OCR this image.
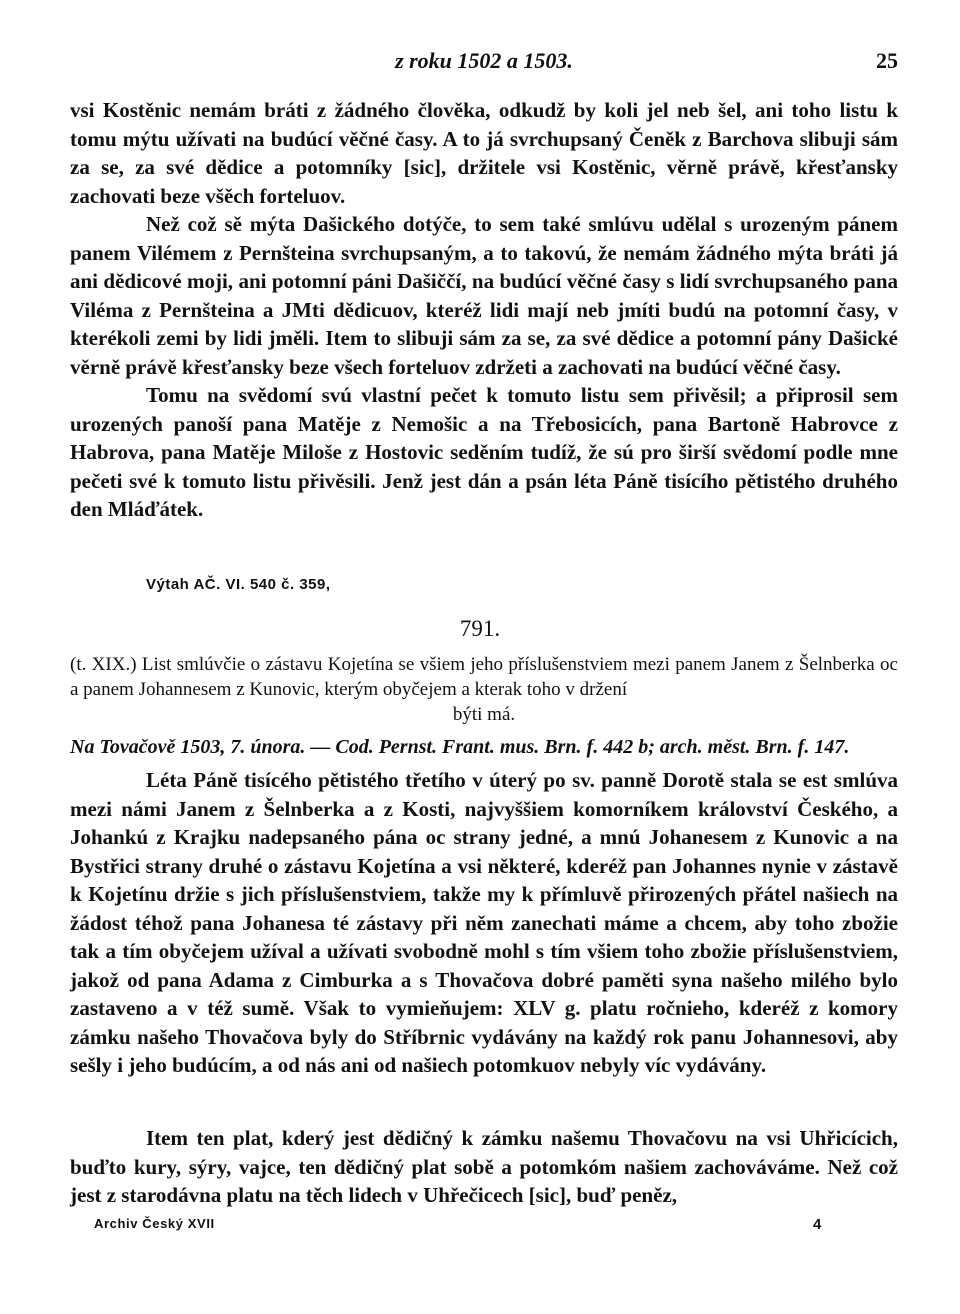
z roku 1502 a 1503.	25

vsi Kostěnic nemám bráti z žádného člověka, odkudž by koli jel neb šel, ani toho listu k tomu mýtu užívati na budúcí věčné časy. A to já svrchupsaný Čeněk z Barchova slibuji sám za se, za své dědice a potomníky [sic], držitele vsi Kostěnic, věrně právě, křesťansky zachovati beze všěch forteluov.

Než což sě mýta Dašického dotýče, to sem také smlúvu udělal s urozeným pánem panem Vilémem z Pernšteina svrchupsaným, a to takovú, že nemám žádného mýta bráti já ani dědicové moji, ani potomní páni Dašiččí, na budúcí věčné časy s lidí svrchupsaného pana Viléma z Pernšteina a JMti dědicuov, kteréž lidi mají neb jmíti budú na potomní časy, v kterékoli zemi by lidi jměli. Item to slibuji sám za se, za své dědice a potomní pány Dašické věrně právě křesťansky beze všech forteluov zdržeti a zachovati na budúcí věčné časy.

Tomu na svědomí svú vlastní pečet k tomuto listu sem přivěsil; a připrosil sem urozených panoší pana Matěje z Nemošic a na Třebosicích, pana Bartoně Habrovce z Habrova, pana Matěje Miloše z Hostovic seděním tudíž, že sú pro širší svědomí podle mne pečeti své k tomuto listu přivěsili. Jenž jest dán a psán léta Páně tisícího pětistého druhého den Mláďátek.

Výtah AČ. VI. 540 č. 359,
791.
(t. XIX.) List smlúvčie o zástavu Kojetína se všiem jeho příslušenstviem mezi panem Janem z Šelnberka oc a panem Johannesem z Kunovic, kterým obyčejem a kterak toho v držení
býti má.
Na Tovačově 1503, 7. února. — Cod. Pernst. Frant. mus. Brn. f. 442 b; arch. měst. Brn. f. 147.

Léta Páně tisícého pětistého třetího v úterý po sv. panně Dorotě stala se est smlúva mezi námi Janem z Šelnberka a z Kosti, najvyššiem komorníkem království Českého, a Johankú z Krajku nadepsaného pána oc strany jedné, a mnú Johanesem z Kunovic a na Bystřici strany druhé o zástavu Kojetína a vsi některé, kderéž pan Johannes nynie v zástavě k Kojetínu držie s jich příslušenstviem, takže my k přímluvě přirozených přátel našiech na žádost téhož pana Johanesa té zástavy při něm zanechati máme a chcem, aby toho zbožie tak a tím obyčejem užíval a užívati svobodně mohl s tím všiem toho zbožie příslušenstviem, jakož od pana Adama z Cimburka a s Thovačova dobré paměti syna našeho milého bylo zastaveno a v též sumě. Však to vymieňujem: XLV g. platu ročnieho, kderéž z komory zámku našeho Thovačova byly do Stříbrnic vydávány na každý rok panu Johannesovi, aby sešly i jeho budúcím, a od nás ani od našiech potomkuov nebyly víc vydávány.

Item ten plat, kderý jest dědičný k zámku našemu Thovačovu na vsi Uhřicícich, buďto kury, sýry, vajce, ten dědičný plat sobě a potomkóm našiem zachováváme. Než což jest z starodávna platu na těch lidech v Uhřečicech [sic], buď peněz,

Archiv Český XVII	4
